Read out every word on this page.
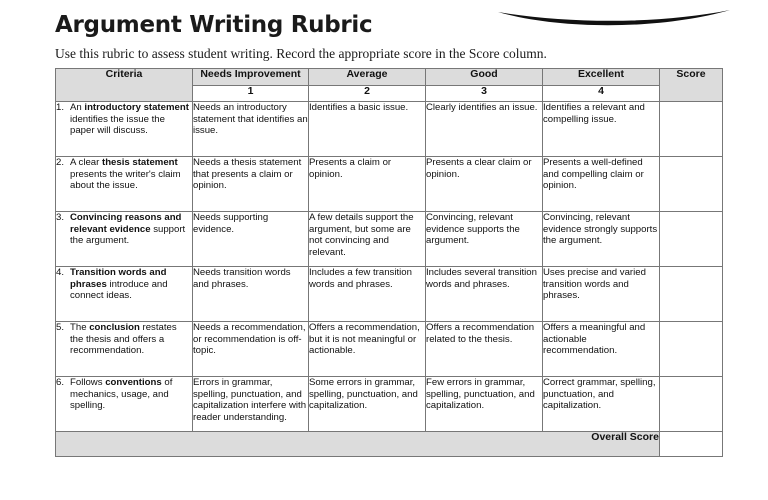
Argument Writing Rubric

Use this rubric to assess student writing. Record the appropriate score in the Score column.

Criteria	Needs Improvement	Average	Good	Excellent	Score
	1	2	3	4	

1. An introductory statement identifies the issue the paper will discuss.	Needs an introductory statement that identifies an issue.	Identifies a basic issue.	Clearly identifies an issue.	Identifies a relevant and compelling issue.	

2. A clear thesis statement presents the writer's claim about the issue.	Needs a thesis statement that presents a claim or opinion.	Presents a claim or opinion.	Presents a clear claim or opinion.	Presents a well-defined and compelling claim or opinion.	

3. Convincing reasons and relevant evidence support the argument.	Needs supporting evidence.	A few details support the argument, but some are not convincing and relevant.	Convincing, relevant evidence supports the argument.	Convincing, relevant evidence strongly supports the argument.	

4. Transition words and phrases introduce and connect ideas.	Needs transition words and phrases.	Includes a few transition words and phrases.	Includes several transition words and phrases.	Uses precise and varied transition words and phrases.	

5. The conclusion restates the thesis and offers a recommendation.	Needs a recommendation, or recommendation is off-topic.	Offers a recommendation, but it is not meaningful or actionable.	Offers a recommendation related to the thesis.	Offers a meaningful and actionable recommendation.	

6. Follows conventions of mechanics, usage, and spelling.	Errors in grammar, spelling, punctuation, and capitalization interfere with reader understanding.	Some errors in grammar, spelling, punctuation, and capitalization.	Few errors in grammar, spelling, punctuation, and capitalization.	Correct grammar, spelling, punctuation, and capitalization.	
Overall Score					
